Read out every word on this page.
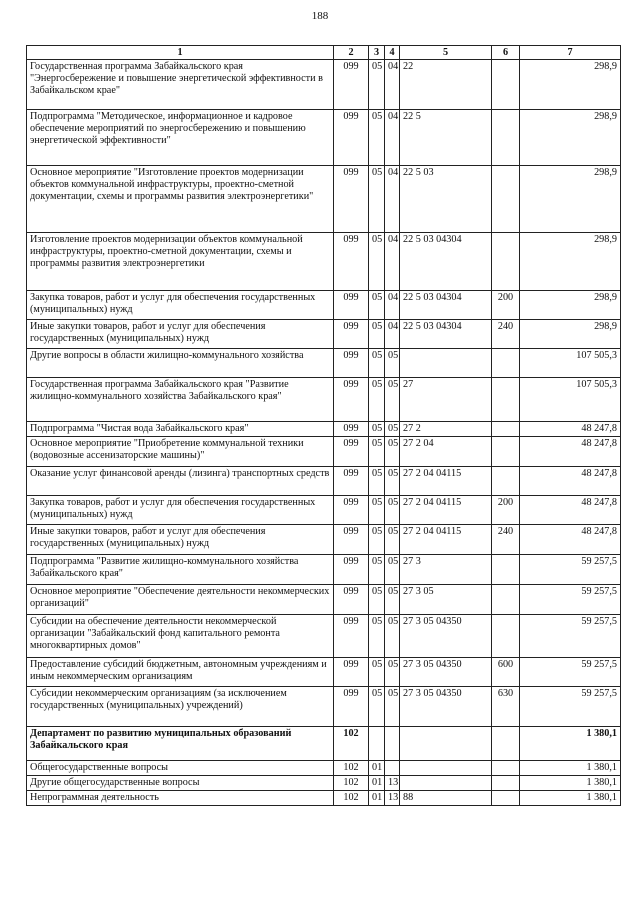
188
1	2	3	4	5	6	7
Государственная программа Забайкальского края "Энергосбережение и повышение энергетической эффективности в Забайкальском крае"	099	05	04	22		298,9
Подпрограмма "Методическое, информационное и кадровое обеспечение мероприятий по энергосбережению и повышению энергетической эффективности"	099	05	04	22 5		298,9
Основное мероприятие "Изготовление проектов модернизации объектов коммунальной инфраструктуры, проектно-сметной документации, схемы и программы развития электроэнергетики"	099	05	04	22 5 03		298,9
Изготовление проектов модернизации объектов коммунальной инфраструктуры, проектно-сметной документации, схемы и программы развития электроэнергетики	099	05	04	22 5 03 04304		298,9
Закупка товаров, работ и услуг для обеспечения государственных (муниципальных) нужд	099	05	04	22 5 03 04304	200	298,9
Иные закупки товаров, работ и услуг для обеспечения государственных (муниципальных) нужд	099	05	04	22 5 03 04304	240	298,9
Другие вопросы в области жилищно-коммунального хозяйства	099	05	05			107 505,3
Государственная программа Забайкальского края "Развитие жилищно-коммунального хозяйства Забайкальского края"	099	05	05	27		107 505,3
Подпрограмма "Чистая вода Забайкальского края"	099	05	05	27 2		48 247,8
Основное мероприятие "Приобретение коммунальной техники (водовозные ассенизаторские машины)"	099	05	05	27 2 04		48 247,8
Оказание услуг финансовой аренды (лизинга) транспортных средств	099	05	05	27 2 04 04115		48 247,8
Закупка товаров, работ и услуг для обеспечения государственных (муниципальных) нужд	099	05	05	27 2 04 04115	200	48 247,8
Иные закупки товаров, работ и услуг для обеспечения государственных (муниципальных) нужд	099	05	05	27 2 04 04115	240	48 247,8
Подпрограмма "Развитие жилищно-коммунального хозяйства Забайкальского края"	099	05	05	27 3		59 257,5
Основное мероприятие "Обеспечение деятельности некоммерческих организаций"	099	05	05	27 3 05		59 257,5
Субсидии на обеспечение деятельности некоммерческой организации "Забайкальский фонд капитального ремонта многоквартирных домов"	099	05	05	27 3 05 04350		59 257,5
Предоставление субсидий бюджетным, автономным учреждениям и иным некоммерческим организациям	099	05	05	27 3 05 04350	600	59 257,5
Субсидии некоммерческим организациям (за исключением государственных (муниципальных) учреждений)	099	05	05	27 3 05 04350	630	59 257,5
Департамент по развитию муниципальных образований Забайкальского края	102					1 380,1
Общегосударственные вопросы	102	01				1 380,1
Другие общегосударственные вопросы	102	01	13			1 380,1
Непрограммная деятельность	102	01	13	88		1 380,1
